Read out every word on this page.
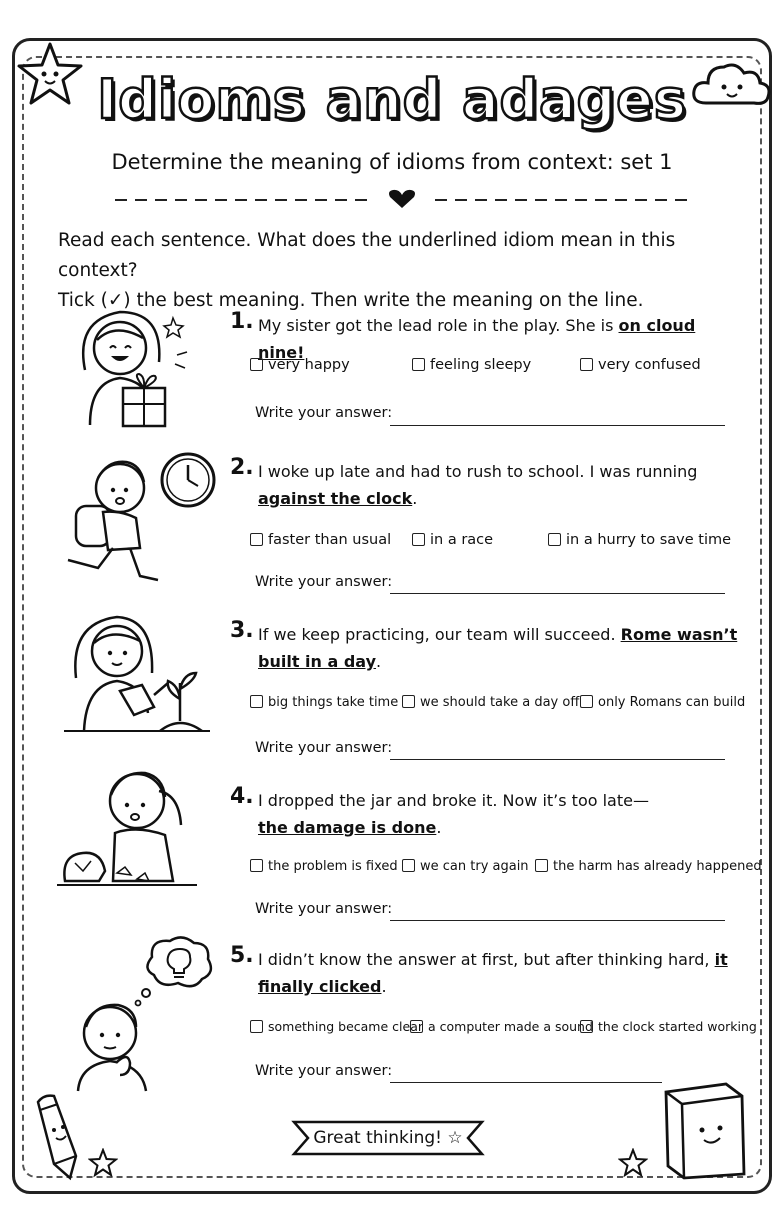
Idioms and adages
Determine the meaning of idioms from context: set 1
Read each sentence. What does the underlined idiom mean in this context?
Tick (✓) the best meaning. Then write the meaning on the line.
1. My sister got the lead role in the play. She is on cloud nine!
very happy	feeling sleepy	very confused
Write your answer:
2. I woke up late and had to rush to school. I was running against the clock.
faster than usual	in a race	in a hurry to save time
Write your answer:
3. If we keep practicing, our team will succeed. Rome wasn’t built in a day.
big things take time	we should take a day off	only Romans can build
Write your answer:
4. I dropped the jar and broke it. Now it’s too late—
the damage is done.
the problem is fixed	we can try again	the harm has already happened
Write your answer:
5. I didn’t know the answer at first, but after thinking hard, it finally clicked.
something became clear a computer made a sound the clock started working
Write your answer:
Great thinking! ☆
